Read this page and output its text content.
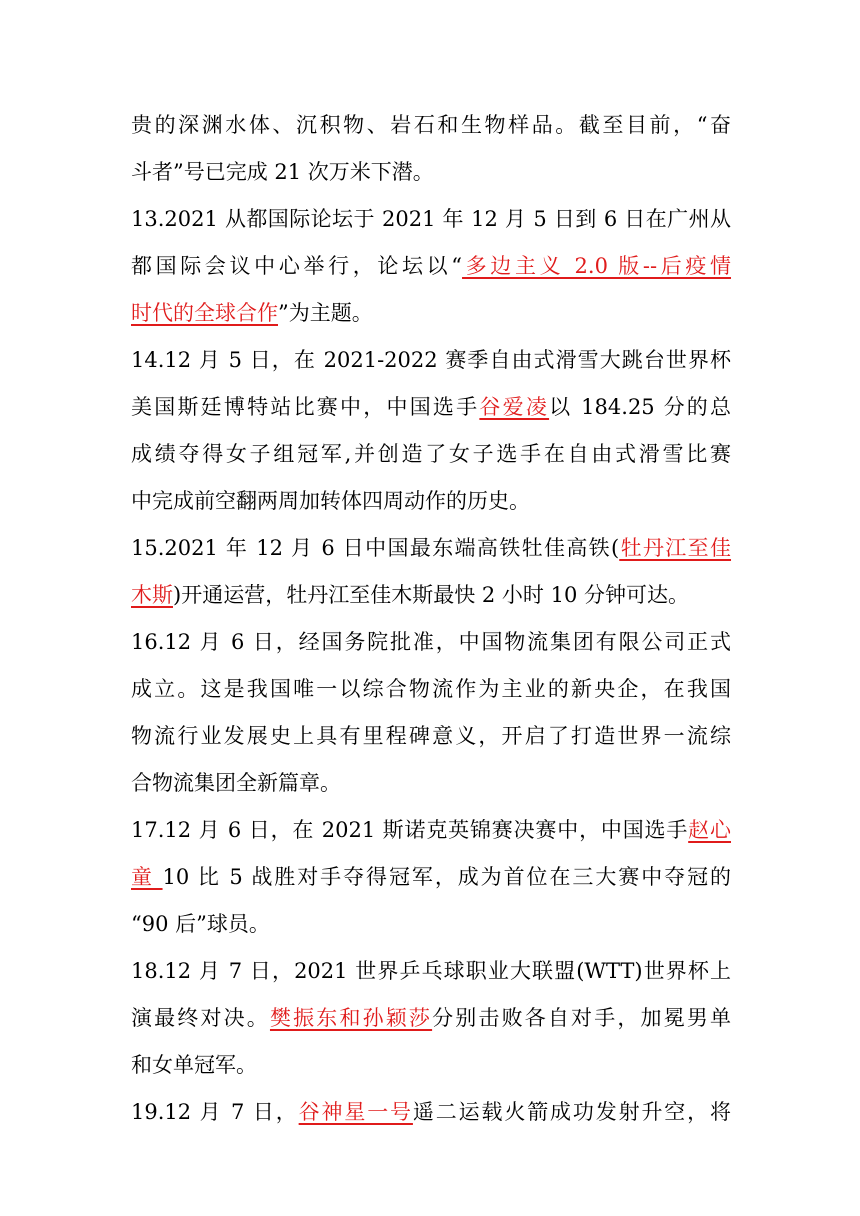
贵的深渊水体、沉积物、岩石和生物样品。截至目前，“奋
斗者”号已完成 21 次万米下潜。
13.2021 从都国际论坛于 2021 年 12 月 5 日到 6 日在广州从
都国际会议中心举行，论坛以“多边主义 2.0 版--后疫情
时代的全球合作”为主题。
14.12 月 5 日，在 2021-2022 赛季自由式滑雪大跳台世界杯
美国斯廷博特站比赛中，中国选手谷爱凌以 184.25 分的总
成绩夺得女子组冠军,并创造了女子选手在自由式滑雪比赛
中完成前空翻两周加转体四周动作的历史。
15.2021 年 12 月 6 日中国最东端高铁牡佳高铁(牡丹江至佳
木斯)开通运营，牡丹江至佳木斯最快 2 小时 10 分钟可达。
16.12 月 6 日，经国务院批准，中国物流集团有限公司正式
成立。这是我国唯一以综合物流作为主业的新央企，在我国
物流行业发展史上具有里程碑意义，开启了打造世界一流综
合物流集团全新篇章。
17.12 月 6 日，在 2021 斯诺克英锦赛决赛中，中国选手赵心
童 10 比 5 战胜对手夺得冠军，成为首位在三大赛中夺冠的
“90 后”球员。
18.12 月 7 日，2021 世界乒乓球职业大联盟(WTT)世界杯上
演最终对决。樊振东和孙颖莎分别击败各自对手，加冕男单
和女单冠军。
19.12 月 7 日，谷神星一号遥二运载火箭成功发射升空，将
